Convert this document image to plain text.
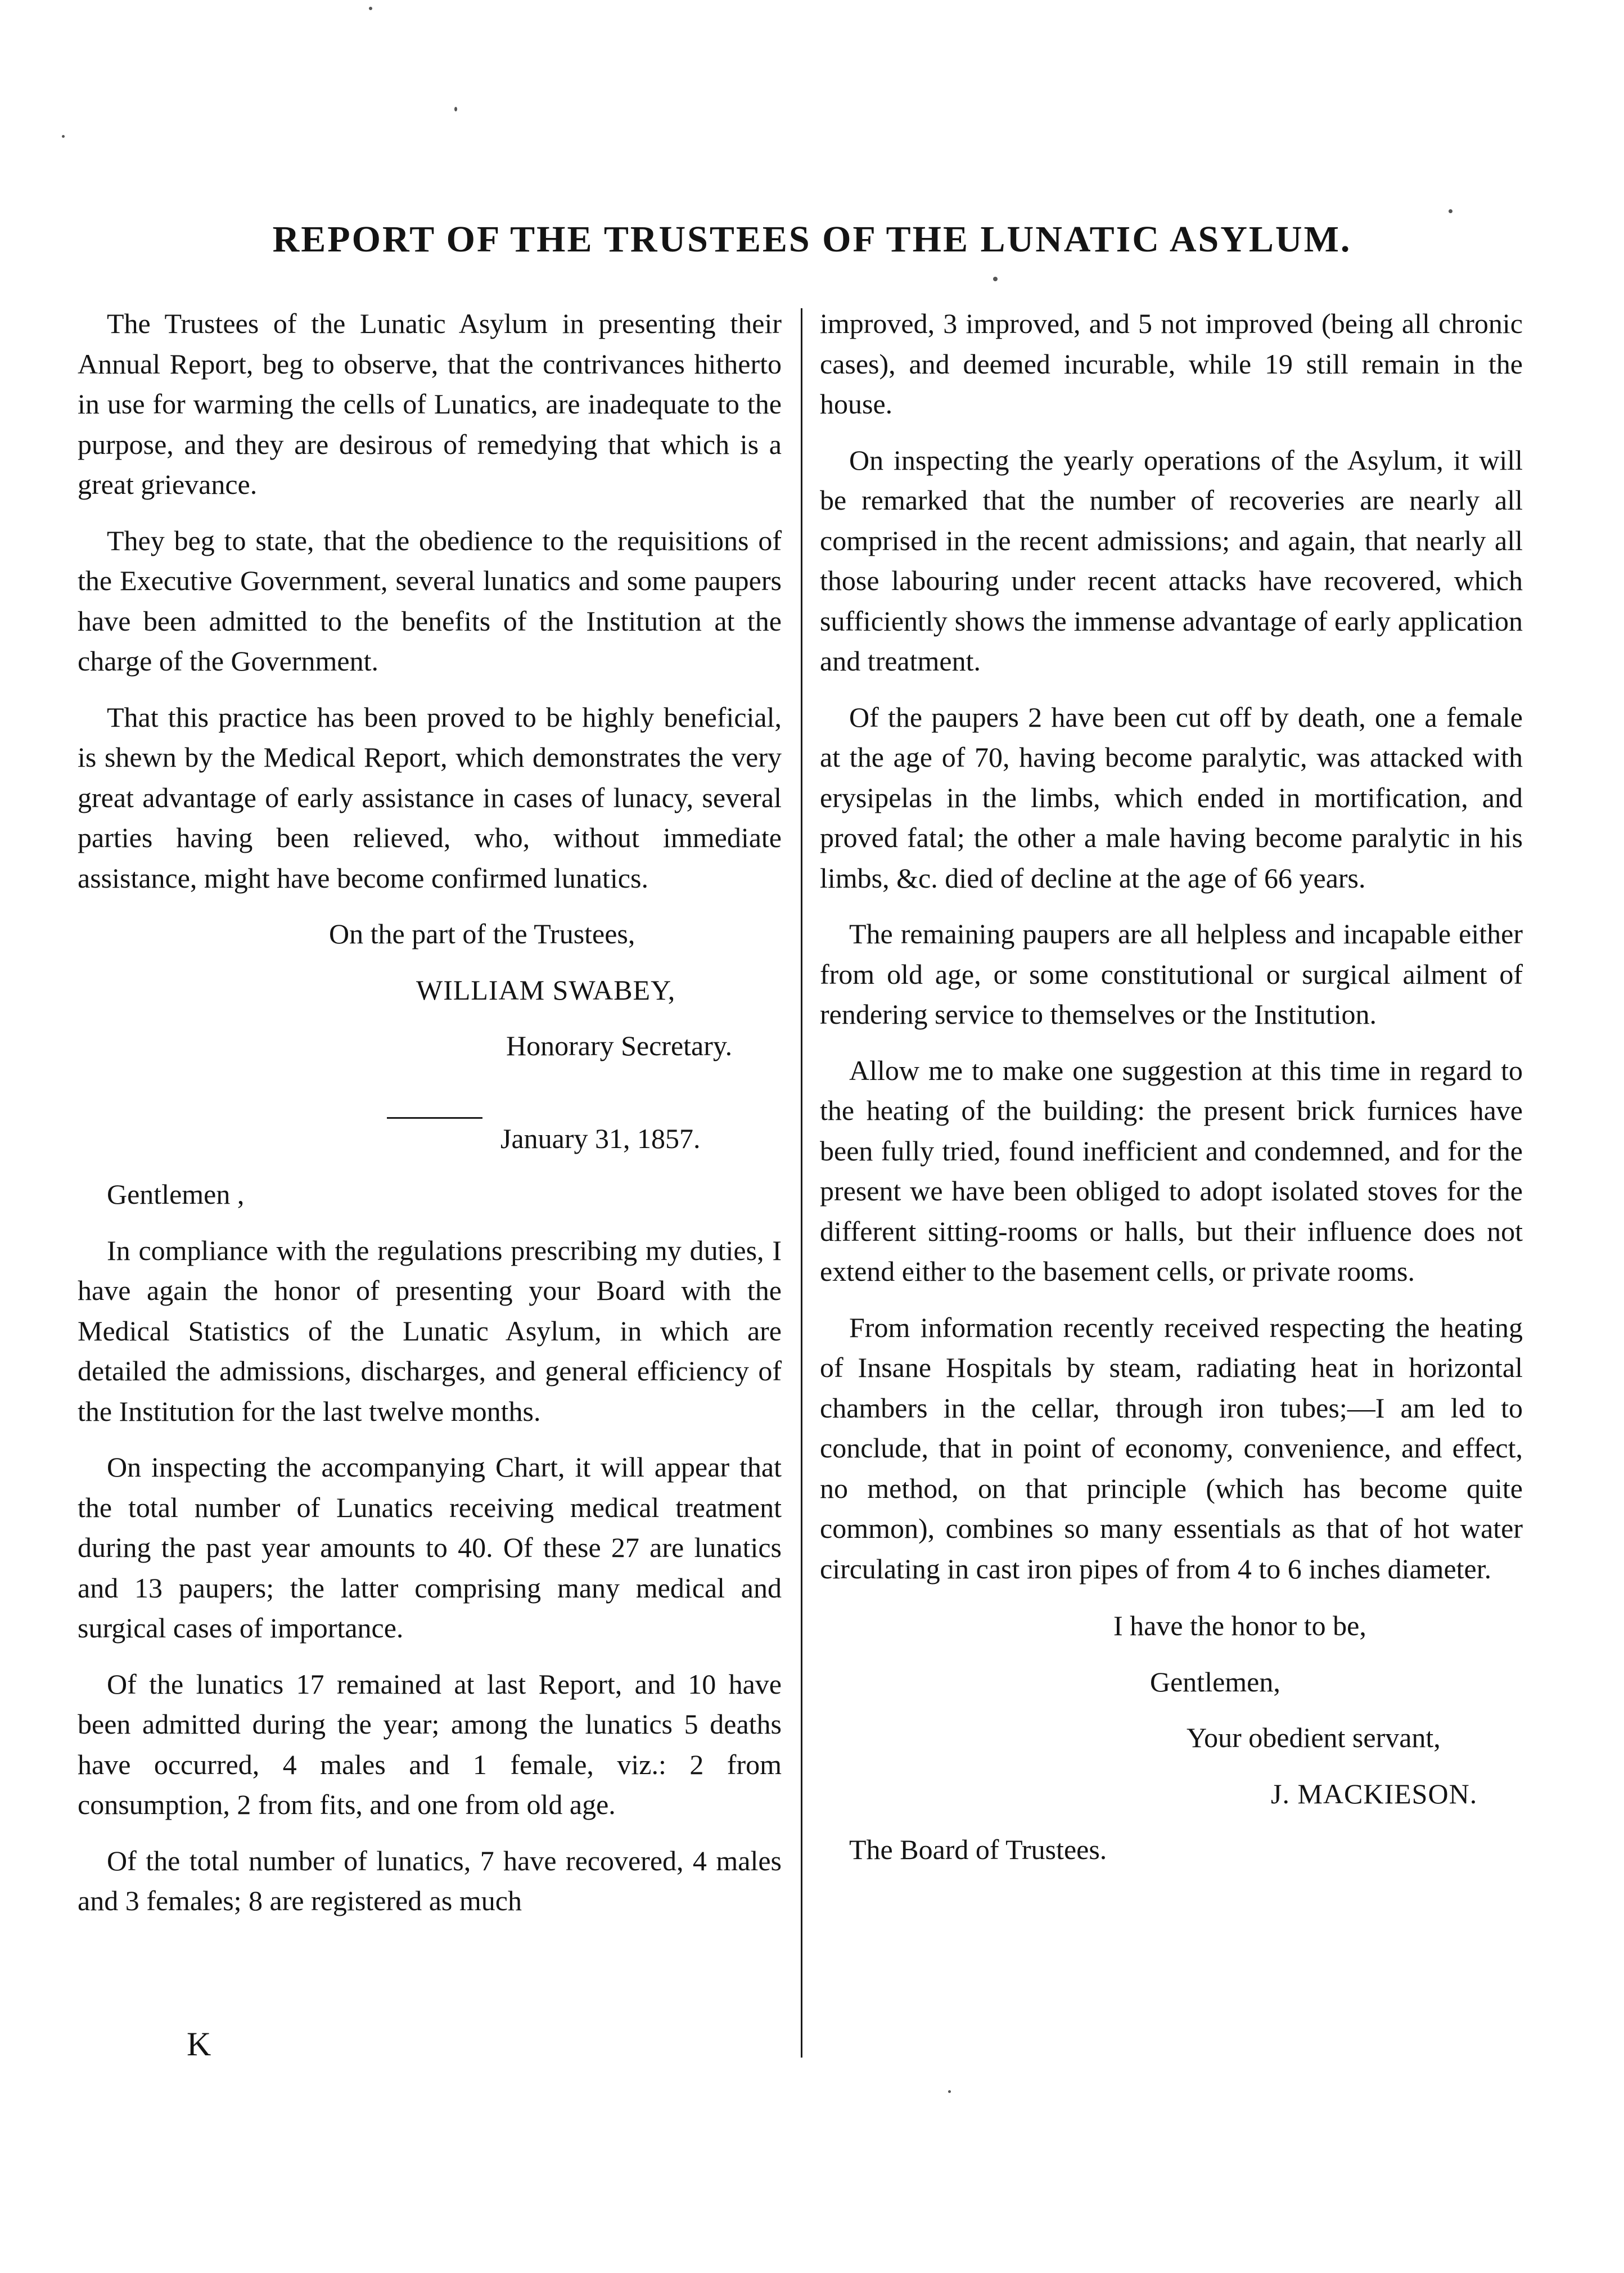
REPORT OF THE TRUSTEES OF THE LUNATIC ASYLUM.

The Trustees of the Lunatic Asylum in presenting their Annual Report, beg to observe, that the contrivances hitherto in use for warming the cells of Lunatics, are inadequate to the purpose, and they are desirous of remedying that which is a great grievance.

They beg to state, that the obedience to the requisitions of the Executive Government, several lunatics and some paupers have been admitted to the benefits of the Institution at the charge of the Government.

That this practice has been proved to be highly beneficial, is shewn by the Medical Report, which demonstrates the very great advantage of early assistance in cases of lunacy, several parties having been relieved, who, without immediate assistance, might have become confirmed lunatics.

On the part of the Trustees,

WILLIAM SWABEY,

Honorary Secretary.

January 31, 1857.

Gentlemen ,

In compliance with the regulations prescribing my duties, I have again the honor of presenting your Board with the Medical Statistics of the Lunatic Asylum, in which are detailed the admissions, discharges, and general efficiency of the Institution for the last twelve months.

On inspecting the accompanying Chart, it will appear that the total number of Lunatics receiving medical treatment during the past year amounts to 40. Of these 27 are lunatics and 13 paupers; the latter comprising many medical and surgical cases of importance.

Of the lunatics 17 remained at last Report, and 10 have been admitted during the year; among the lunatics 5 deaths have occurred, 4 males and 1 female, viz.: 2 from consumption, 2 from fits, and one from old age.

Of the total number of lunatics, 7 have recovered, 4 males and 3 females; 8 are registered as much

improved, 3 improved, and 5 not improved (being all chronic cases), and deemed incurable, while 19 still remain in the house.

On inspecting the yearly operations of the Asylum, it will be remarked that the number of recoveries are nearly all comprised in the recent admissions; and again, that nearly all those labouring under recent attacks have recovered, which sufficiently shows the immense advantage of early application and treatment.

Of the paupers 2 have been cut off by death, one a female at the age of 70, having become paralytic, was attacked with erysipelas in the limbs, which ended in mortification, and proved fatal; the other a male having become paralytic in his limbs, &c. died of decline at the age of 66 years.

The remaining paupers are all helpless and incapable either from old age, or some constitutional or surgical ailment of rendering service to themselves or the Institution.

Allow me to make one suggestion at this time in regard to the heating of the building: the present brick furnices have been fully tried, found inefficient and condemned, and for the present we have been obliged to adopt isolated stoves for the different sitting-rooms or halls, but their influence does not extend either to the basement cells, or private rooms.

From information recently received respecting the heating of Insane Hospitals by steam, radiating heat in horizontal chambers in the cellar, through iron tubes;—I am led to conclude, that in point of economy, convenience, and effect, no method, on that principle (which has become quite common), combines so many essentials as that of hot water circulating in cast iron pipes of from 4 to 6 inches diameter.

I have the honor to be,

Gentlemen,

Your obedient servant,

J. MACKIESON.

The Board of Trustees.

K
